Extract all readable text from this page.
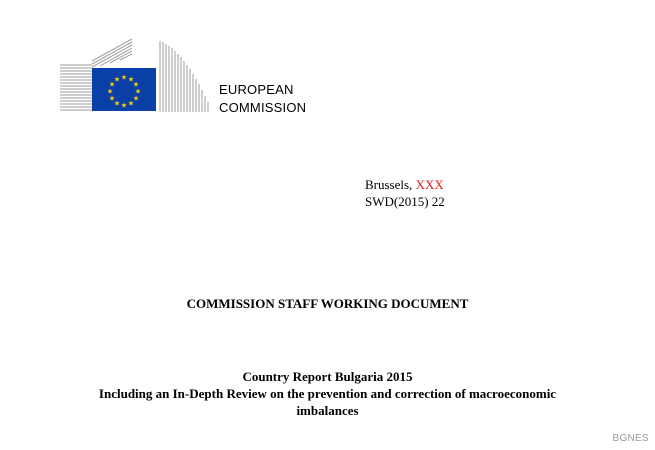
★ ★
★
★
★
★
★
★
★
★
★
★
EUROPEAN
COMMISSION
Brussels, XXX
SWD(2015) 22
COMMISSION STAFF WORKING DOCUMENT
Country Report Bulgaria 2015
Including an In-Depth Review on the prevention and correction of macroeconomic
imbalances
BGNES
